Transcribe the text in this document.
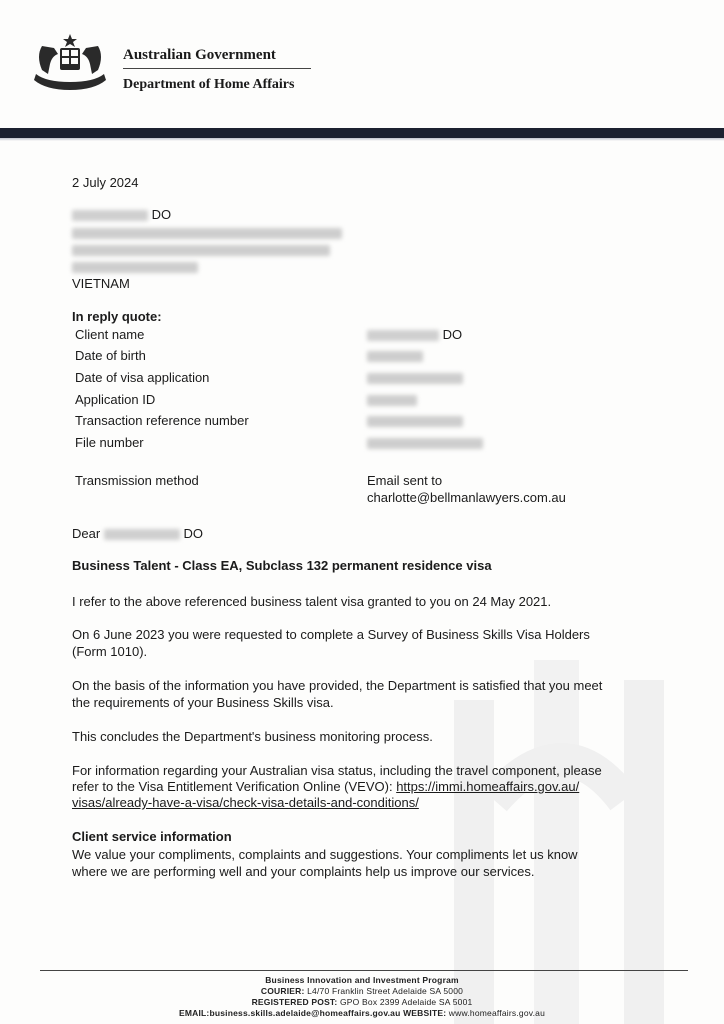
Australian Government
Department of Home Affairs
2 July 2024
DO
VIETNAM
In reply quote:
Client name	DO
Date of birth
Date of visa application
Application ID
Transaction reference number
File number
Transmission method	Email sent to
charlotte@bellmanlawyers.com.au
Dear	DO
Business Talent - Class EA, Subclass 132 permanent residence visa
I refer to the above referenced business talent visa granted to you on 24 May 2021.
On 6 June 2023 you were requested to complete a Survey of Business Skills Visa Holders
(Form 1010).
On the basis of the information you have provided, the Department is satisfied that you meet
the requirements of your Business Skills visa.
This concludes the Department's business monitoring process.
For information regarding your Australian visa status, including the travel component, please
refer to the Visa Entitlement Verification Online (VEVO): https://immi.homeaffairs.gov.au/
visas/already-have-a-visa/check-visa-details-and-conditions/
Client service information
We value your compliments, complaints and suggestions. Your compliments let us know
where we are performing well and your complaints help us improve our services.
Business Innovation and Investment Program
COURIER: L4/70 Franklin Street Adelaide SA 5000
REGISTERED POST: GPO Box 2399 Adelaide SA 5001
EMAIL:business.skills.adelaide@homeaffairs.gov.au WEBSITE: www.homeaffairs.gov.au
